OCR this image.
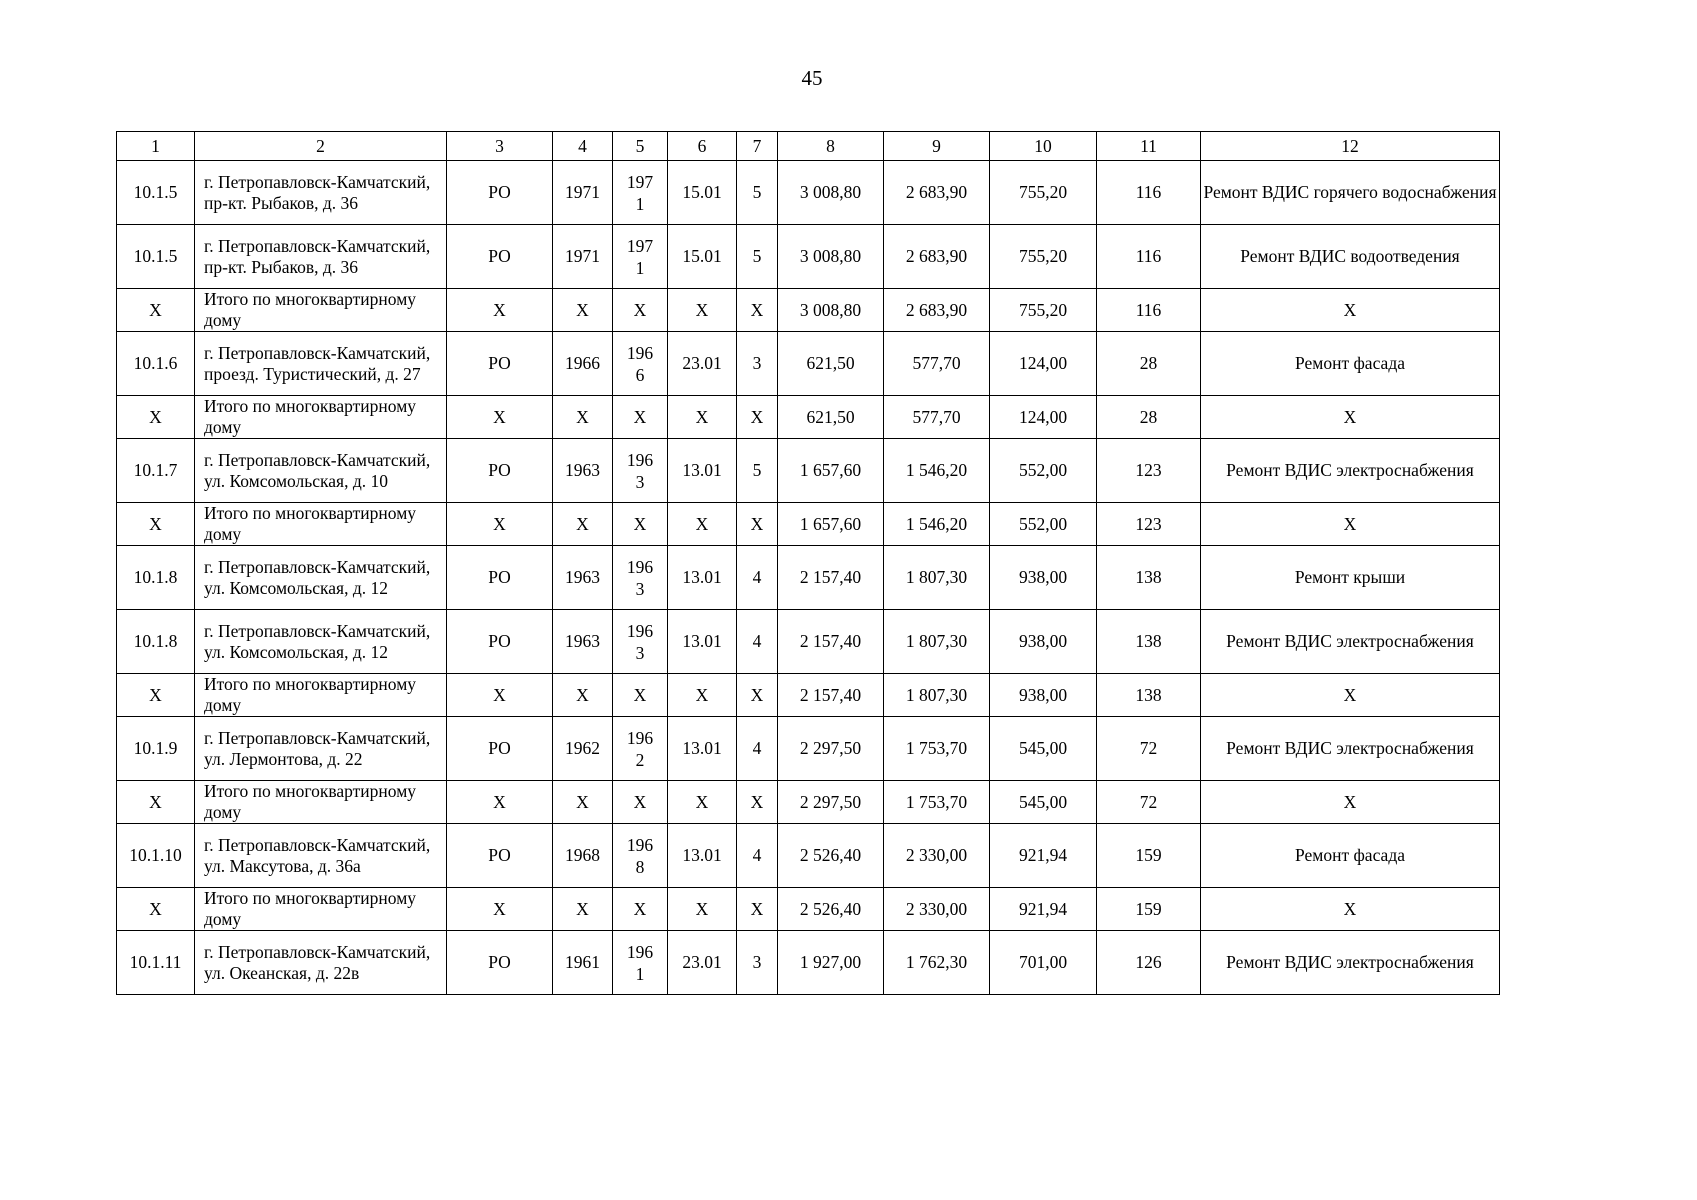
45
1	2	3	4	5	6	7	8	9	10	11	12
10.1.5	г. Петропавловск-Камчатский, пр-кт. Рыбаков, д. 36	РО	1971	1971	15.01	5	3 008,80	2 683,90	755,20	116	Ремонт ВДИС горячего водоснабжения
10.1.5	г. Петропавловск-Камчатский, пр-кт. Рыбаков, д. 36	РО	1971	1971	15.01	5	3 008,80	2 683,90	755,20	116	Ремонт ВДИС водоотведения
X	Итого по многоквартирному дому	X	X	X	X	X	3 008,80	2 683,90	755,20	116	X
10.1.6	г. Петропавловск-Камчатский, проезд. Туристический, д. 27	РО	1966	1966	23.01	3	621,50	577,70	124,00	28	Ремонт фасада
X	Итого по многоквартирному дому	X	X	X	X	X	621,50	577,70	124,00	28	X
10.1.7	г. Петропавловск-Камчатский, ул. Комсомольская, д. 10	РО	1963	1963	13.01	5	1 657,60	1 546,20	552,00	123	Ремонт ВДИС электроснабжения
X	Итого по многоквартирному дому	X	X	X	X	X	1 657,60	1 546,20	552,00	123	X
10.1.8	г. Петропавловск-Камчатский, ул. Комсомольская, д. 12	РО	1963	1963	13.01	4	2 157,40	1 807,30	938,00	138	Ремонт крыши
10.1.8	г. Петропавловск-Камчатский, ул. Комсомольская, д. 12	РО	1963	1963	13.01	4	2 157,40	1 807,30	938,00	138	Ремонт ВДИС электроснабжения
X	Итого по многоквартирному дому	X	X	X	X	X	2 157,40	1 807,30	938,00	138	X
10.1.9	г. Петропавловск-Камчатский, ул. Лермонтова, д. 22	РО	1962	1962	13.01	4	2 297,50	1 753,70	545,00	72	Ремонт ВДИС электроснабжения
X	Итого по многоквартирному дому	X	X	X	X	X	2 297,50	1 753,70	545,00	72	X
10.1.10	г. Петропавловск-Камчатский, ул. Максутова, д. 36а	РО	1968	1968	13.01	4	2 526,40	2 330,00	921,94	159	Ремонт фасада
X	Итого по многоквартирному дому	X	X	X	X	X	2 526,40	2 330,00	921,94	159	X
10.1.11	г. Петропавловск-Камчатский, ул. Океанская, д. 22в	РО	1961	1961	23.01	3	1 927,00	1 762,30	701,00	126	Ремонт ВДИС электроснабжения
